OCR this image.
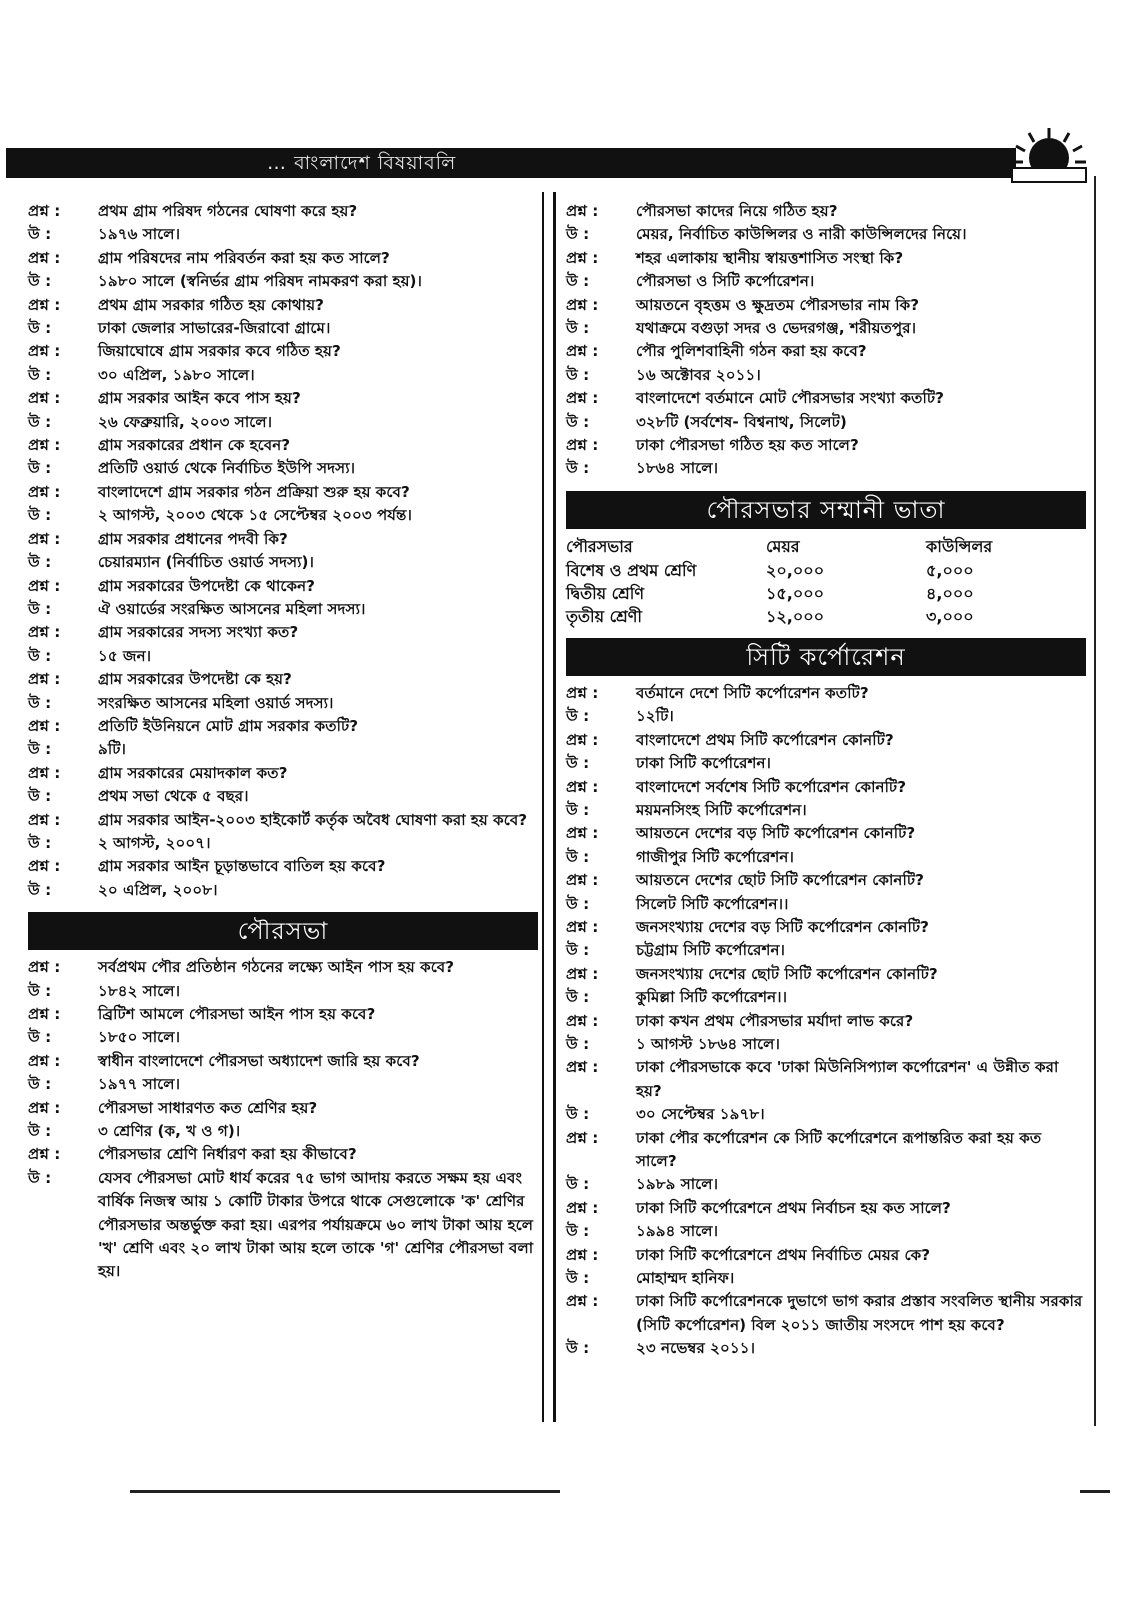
… বাংলাদেশ বিষয়াবলি
প্রশ্ন :	প্রথম গ্রাম পরিষদ গঠনের ঘোষণা করে হয়?
উ :	১৯৭৬ সালে।
প্রশ্ন :	গ্রাম পরিষদের নাম পরিবর্তন করা হয় কত সালে?
উ :	১৯৮০ সালে (স্বনির্ভর গ্রাম পরিষদ নামকরণ করা হয়)।
প্রশ্ন :	প্রথম গ্রাম সরকার গঠিত হয় কোথায়?
উ :	ঢাকা জেলার সাভারের-জিরাবো গ্রামে।
প্রশ্ন :	জিয়াঘোষে গ্রাম সরকার কবে গঠিত হয়?
উ :	৩০ এপ্রিল, ১৯৮০ সালে।
প্রশ্ন :	গ্রাম সরকার আইন কবে পাস হয়?
উ :	২৬ ফেব্রুয়ারি, ২০০৩ সালে।
প্রশ্ন :	গ্রাম সরকারের প্রধান কে হবেন?
উ :	প্রতিটি ওয়ার্ড থেকে নির্বাচিত ইউপি সদস্য।
প্রশ্ন :	বাংলাদেশে গ্রাম সরকার গঠন প্রক্রিয়া শুরু হয় কবে?
উ :	২ আগস্ট, ২০০৩ থেকে ১৫ সেপ্টেম্বর ২০০৩ পর্যন্ত।
প্রশ্ন :	গ্রাম সরকার প্রধানের পদবী কি?
উ :	চেয়ারম্যান (নির্বাচিত ওয়ার্ড সদস্য)।
প্রশ্ন :	গ্রাম সরকারের উপদেষ্টা কে থাকেন?
উ :	ঐ ওয়ার্ডের সংরক্ষিত আসনের মহিলা সদস্য।
প্রশ্ন :	গ্রাম সরকারের সদস্য সংখ্যা কত?
উ :	১৫ জন।
প্রশ্ন :	গ্রাম সরকারের উপদেষ্টা কে হয়?
উ :	সংরক্ষিত আসনের মহিলা ওয়ার্ড সদস্য।
প্রশ্ন :	প্রতিটি ইউনিয়নে মোট গ্রাম সরকার কতটি?
উ :	৯টি।
প্রশ্ন :	গ্রাম সরকারের মেয়াদকাল কত?
উ :	প্রথম সভা থেকে ৫ বছর।
প্রশ্ন :	গ্রাম সরকার আইন-২০০৩ হাইকোর্ট কর্তৃক অবৈধ ঘোষণা করা হয় কবে?
উ :	২ আগস্ট, ২০০৭।
প্রশ্ন :	গ্রাম সরকার আইন চূড়ান্তভাবে বাতিল হয় কবে?
উ :	২০ এপ্রিল, ২০০৮।
পৌরসভা
প্রশ্ন :	সর্বপ্রথম পৌর প্রতিষ্ঠান গঠনের লক্ষ্যে আইন পাস হয় কবে?
উ :	১৮৪২ সালে।
প্রশ্ন :	ব্রিটিশ আমলে পৌরসভা আইন পাস হয় কবে?
উ :	১৮৫০ সালে।
প্রশ্ন :	স্বাধীন বাংলাদেশে পৌরসভা অধ্যাদেশ জারি হয় কবে?
উ :	১৯৭৭ সালে।
প্রশ্ন :	পৌরসভা সাধারণত কত শ্রেণির হয়?
উ :	৩ শ্রেণির (ক, খ ও গ)।
প্রশ্ন :	পৌরসভার শ্রেণি নির্ধারণ করা হয় কীভাবে?
উ :	যেসব পৌরসভা মোট ধার্য করের ৭৫ ভাগ আদায় করতে সক্ষম হয় এবং বার্ষিক নিজস্ব আয় ১ কোটি টাকার উপরে থাকে সেগুলোকে 'ক' শ্রেণির পৌরসভার অন্তর্ভুক্ত করা হয়। এরপর পর্যায়ক্রমে ৬০ লাখ টাকা আয় হলে 'খ' শ্রেণি এবং ২০ লাখ টাকা আয় হলে তাকে 'গ' শ্রেণির পৌরসভা বলা হয়।
প্রশ্ন :	পৌরসভা কাদের নিয়ে গঠিত হয়?
উ :	মেয়র, নির্বাচিত কাউন্সিলর ও নারী কাউন্সিলদের নিয়ে।
প্রশ্ন :	শহর এলাকায় স্থানীয় স্বায়ত্তশাসিত সংস্থা কি?
উ :	পৌরসভা ও সিটি কর্পোরেশন।
প্রশ্ন :	আয়তনে বৃহত্তম ও ক্ষুদ্রতম পৌরসভার নাম কি?
উ :	যথাক্রমে বগুড়া সদর ও ভেদরগঞ্জ, শরীয়তপুর।
প্রশ্ন :	পৌর পুলিশবাহিনী গঠন করা হয় কবে?
উ :	১৬ অক্টোবর ২০১১।
প্রশ্ন :	বাংলাদেশে বর্তমানে মোট পৌরসভার সংখ্যা কতটি?
উ :	৩২৮টি (সর্বশেষ- বিশ্বনাথ, সিলেট)
প্রশ্ন :	ঢাকা পৌরসভা গঠিত হয় কত সালে?
উ :	১৮৬৪ সালে।
পৌরসভার সম্মানী ভাতা
পৌরসভার	মেয়র	কাউন্সিলর
বিশেষ ও প্রথম শ্রেণি	২০,০০০	৫,০০০
দ্বিতীয় শ্রেণি	১৫,০০০	৪,০০০
তৃতীয় শ্রেণী	১২,০০০	৩,০০০
সিটি কর্পোরেশন
প্রশ্ন :	বর্তমানে দেশে সিটি কর্পোরেশন কতটি?
উ :	১২টি।
প্রশ্ন :	বাংলাদেশে প্রথম সিটি কর্পোরেশন কোনটি?
উ :	ঢাকা সিটি কর্পোরেশন।
প্রশ্ন :	বাংলাদেশে সর্বশেষ সিটি কর্পোরেশন কোনটি?
উ :	ময়মনসিংহ সিটি কর্পোরেশন।
প্রশ্ন :	আয়তনে দেশের বড় সিটি কর্পোরেশন কোনটি?
উ :	গাজীপুর সিটি কর্পোরেশন।
প্রশ্ন :	আয়তনে দেশের ছোট সিটি কর্পোরেশন কোনটি?
উ :	সিলেট সিটি কর্পোরেশন।।
প্রশ্ন :	জনসংখ্যায় দেশের বড় সিটি কর্পোরেশন কোনটি?
উ :	চট্টগ্রাম সিটি কর্পোরেশন।
প্রশ্ন :	জনসংখ্যায় দেশের ছোট সিটি কর্পোরেশন কোনটি?
উ :	কুমিল্লা সিটি কর্পোরেশন।।
প্রশ্ন :	ঢাকা কখন প্রথম পৌরসভার মর্যাদা লাভ করে?
উ :	১ আগস্ট ১৮৬৪ সালে।
প্রশ্ন :	ঢাকা পৌরসভাকে কবে 'ঢাকা মিউনিসিপ্যাল কর্পোরেশন' এ উন্নীত করা হয়?
উ :	৩০ সেপ্টেম্বর ১৯৭৮।
প্রশ্ন :	ঢাকা পৌর কর্পোরেশন কে সিটি কর্পোরেশনে রূপান্তরিত করা হয় কত সালে?
উ :	১৯৮৯ সালে।
প্রশ্ন :	ঢাকা সিটি কর্পোরেশনে প্রথম নির্বাচন হয় কত সালে?
উ :	১৯৯৪ সালে।
প্রশ্ন :	ঢাকা সিটি কর্পোরেশনে প্রথম নির্বাচিত মেয়র কে?
উ :	মোহাম্মদ হানিফ।
প্রশ্ন :	ঢাকা সিটি কর্পোরেশনকে দুভাগে ভাগ করার প্রস্তাব সংবলিত স্থানীয় সরকার (সিটি কর্পোরেশন) বিল ২০১১ জাতীয় সংসদে পাশ হয় কবে?
উ :	২৩ নভেম্বর ২০১১।
